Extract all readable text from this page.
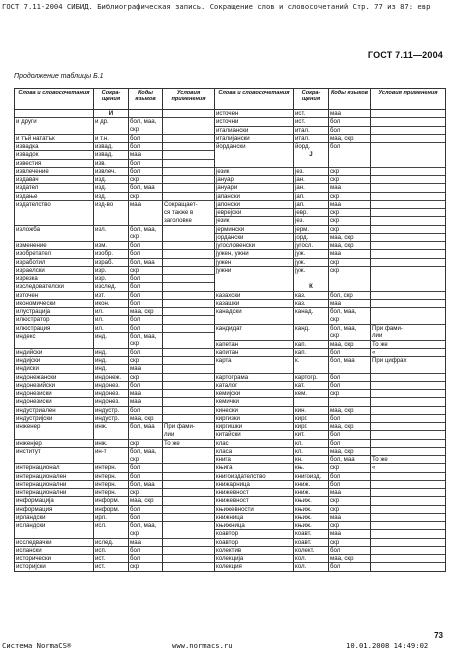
ГОСТ 7.11-2004 СИБИД. Библиографическая запись. Сокращение слов и словосочетаний Стр. 77 из 87: евр
ГОСТ 7.11—2004
Продолжение таблицы Б.1
Слова и словосочетания	Сокра-щения	Коды языков	Условия применения	Слова и словосочетания	Сокра-щения	Коды языков	Условия применения
	И			источен	ист.	маа	
и други	и др.	бол, маа,		источни	ист.	бол	
		скр		италиански	итал.	бол	
и тъй нататък	и т.н.	бол		италијански	итал.	маа, скр	
извадка	извад.	бол		йордански	йорд.	бол	
извадок	извад.	маа			J		
известия	изв.	бол					
извлечение	извлеч.	бол		језик	јез.	скр	
издавач	изд.	скр		јануар	јан.	скр	
издател	изд.	бол, маа		јануари	јан.	маа	
издање	изд.	скр		јапански	јап.	скр	
издателство	изд-во	маа	Сокращает-	јапонски	јап.	маа	
			ся также в	јеврејски	јевр.	скр	
			заголовке	језик	јез.	скр	
изложба	изл.	бол, маа,		јермински	јерм.	скр	
		скр		јордански	јорд.	маа, скр	
изменение	изм.	бол		југословенски	југосл.	маа, скр	
изобретател	изобр.	бол		јужен, ужни	јуж.	маа	
изработил	израб.	бол, маа		јужен	јуж.	скр	
израелски	изр.	скр		јужни	јуж.	скр	
изрезка	изр.	бол					
изследователски	изслед.	бол			К		
източен	изт.	бол		казахски	каз.	бол, скр	
икономически	икон.	бол		казашки	каз.	маа	
илустрација	ил.	маа, скр		канадски	канад.	бол, маа,	
илюстратор	ил.	бол				скр	
илюстрация	ил.	бол		кандидат	канд.	бол, маа,	При фами-
индекс	инд.	бол, маа,				скр	лии
		скр		капетан	кап.	маа, скр	То же
индийски	инд.	бол		капитан	кап.	бол	«
индијски	инд.	скр		карта	к.	бол, маа	При цифрах
индиски	инд.	маа					
индонежански	индонеж.	скр		картограма	картогр.	бол	
индонезийски	индонез.	бол		каталог	кат.	бол	
индонезиски	индонез.	маа		кемијски	кем.	скр	
индонезиски	индонез.	маа		кемички			
индустриален	индустр.	бол		кинески	кин.	маа, скр	
индустријски	индустр.	маа, скр		киргизки	кирг.	бол	
инженер	инж.	бол, маа	При фами-	киргишки	кирг.	маа, скр	
			лии	китайски	кит.	бол	
инженјер	инж.	скр	То же	клас	кл.	бол	
институт	ин-т	бол, маа,		класа	кл.	маа, скр	
		скр		книга	кн.	бол, маа	То же
интернационал	интерн.	бол		књига	књ.	скр	«
интернационален	интерн.	бол		книгоиздателство	книгоизд.	бол	
интернационални	интерн.	бол, маа		книжарница	книж.	бол	
интернационални	интерн.	скр		книжевност	книж.	маа	
информација	информ.	маа, скр		книжевност	књиж.	скр	
информация	информ.	бол		књижевности	књиж.	скр	
ирландски	ирл.	бол		книжница	књиж.	маа	
исландски	исл.	бол, маа,		књижница	књиж.	скр	
		скр		коавтор	коавт.	маа	
исследвачки	ислед.	маа		коавтор	коавт.	скр	
испански	исп.	бол		колектив	колект.	бол	
исторически	ист.	бол		колекција	кол.	маа, скр	
историјски	ист.	скр		колекция	кол.	бол	
73
Система NormaCS®	www.normacs.ru	10.01.2008 14:49:02
